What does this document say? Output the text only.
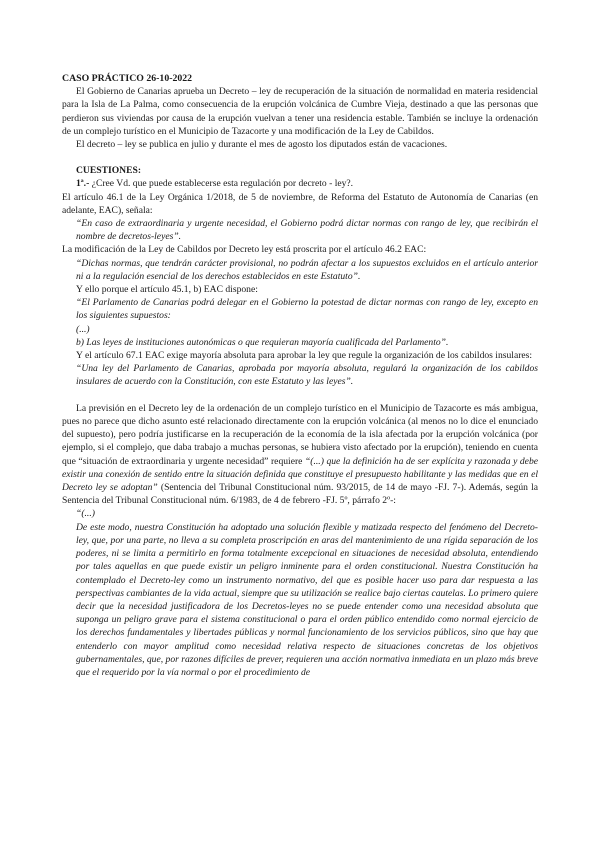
CASO PRÁCTICO 26-10-2022

El Gobierno de Canarias aprueba un Decreto – ley de recuperación de la situación de normalidad en materia residencial para la Isla de La Palma, como consecuencia de la erupción volcánica de Cumbre Vieja, destinado a que las personas que perdieron sus viviendas por causa de la erupción vuelvan a tener una residencia estable. También se incluye la ordenación de un complejo turístico en el Municipio de Tazacorte y una modificación de la Ley de Cabildos.

El decreto – ley se publica en julio y durante el mes de agosto los diputados están de vacaciones.

CUESTIONES:

1ª.- ¿Cree Vd. que puede establecerse esta regulación por decreto - ley?.

El artículo 46.1 de la Ley Orgánica 1/2018, de 5 de noviembre, de Reforma del Estatuto de Autonomía de Canarias (en adelante, EAC), señala:

“En caso de extraordinaria y urgente necesidad, el Gobierno podrá dictar normas con rango de ley, que recibirán el nombre de decretos-leyes”.

La modificación de la Ley de Cabildos por Decreto ley está proscrita por el artículo 46.2 EAC:

“Dichas normas, que tendrán carácter provisional, no podrán afectar a los supuestos excluidos en el artículo anterior ni a la regulación esencial de los derechos establecidos en este Estatuto”.

Y ello porque el artículo 45.1, b) EAC dispone:

“El Parlamento de Canarias podrá delegar en el Gobierno la potestad de dictar normas con rango de ley, excepto en los siguientes supuestos:

(...)

b) Las leyes de instituciones autonómicas o que requieran mayoría cualificada del Parlamento”.

Y el artículo 67.1 EAC exige mayoría absoluta para aprobar la ley que regule la organización de los cabildos insulares:

“Una ley del Parlamento de Canarias, aprobada por mayoría absoluta, regulará la organización de los cabildos insulares de acuerdo con la Constitución, con este Estatuto y las leyes”.

La previsión en el Decreto ley de la ordenación de un complejo turístico en el Municipio de Tazacorte es más ambigua, pues no parece que dicho asunto esté relacionado directamente con la erupción volcánica (al menos no lo dice el enunciado del supuesto), pero podría justificarse en la recuperación de la economía de la isla afectada por la erupción volcánica (por ejemplo, si el complejo, que daba trabajo a muchas personas, se hubiera visto afectado por la erupción), teniendo en cuenta que “situación de extraordinaria y urgente necesidad” requiere “(...) que la definición ha de ser explícita y razonada y debe existir una conexión de sentido entre la situación definida que constituye el presupuesto habilitante y las medidas que en el Decreto ley se adoptan” (Sentencia del Tribunal Constitucional núm. 93/2015, de 14 de mayo -FJ. 7-). Además, según la Sentencia del Tribunal Constitucional núm. 6/1983, de 4 de febrero -FJ. 5º, párrafo 2º-:

“(...)

De este modo, nuestra Constitución ha adoptado una solución flexible y matizada respecto del fenómeno del Decreto-ley, que, por una parte, no lleva a su completa proscripción en aras del mantenimiento de una rígida separación de los poderes, ni se limita a permitirlo en forma totalmente excepcional en situaciones de necesidad absoluta, entendiendo por tales aquellas en que puede existir un peligro inminente para el orden constitucional. Nuestra Constitución ha contemplado el Decreto-ley como un instrumento normativo, del que es posible hacer uso para dar respuesta a las perspectivas cambiantes de la vida actual, siempre que su utilización se realice bajo ciertas cautelas. Lo primero quiere decir que la necesidad justificadora de los Decretos-leyes no se puede entender como una necesidad absoluta que suponga un peligro grave para el sistema constitucional o para el orden público entendido como normal ejercicio de los derechos fundamentales y libertades públicas y normal funcionamiento de los servicios públicos, sino que hay que entenderlo con mayor amplitud como necesidad relativa respecto de situaciones concretas de los objetivos gubernamentales, que, por razones difíciles de prever, requieren una acción normativa inmediata en un plazo más breve que el requerido por la vía normal o por el procedimiento de
